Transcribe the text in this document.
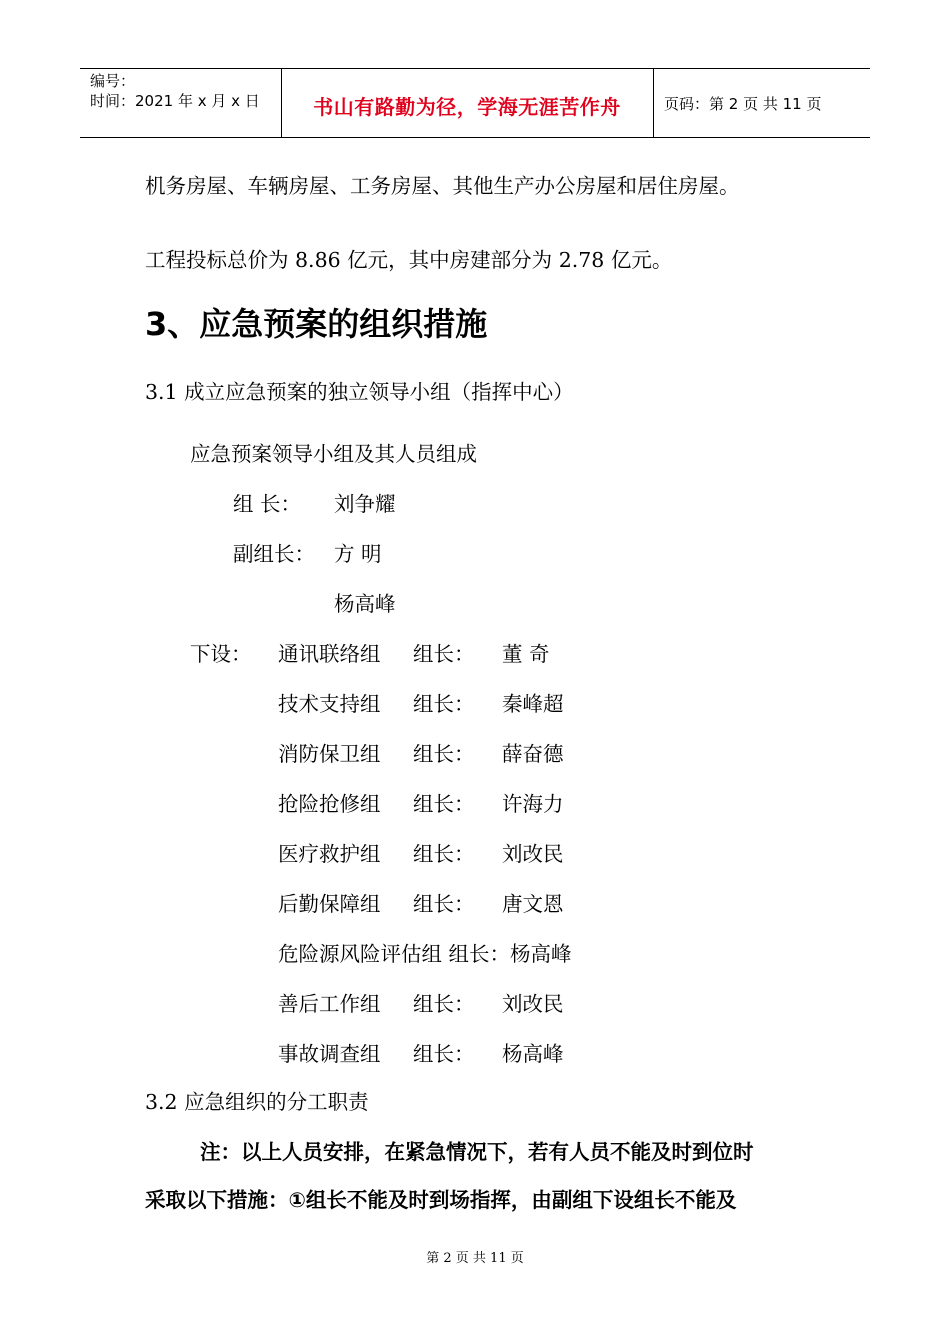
编号：
时间：2021 年 x 月 x 日	书山有路勤为径，学海无涯苦作舟	页码：第 2 页 共 11 页
机务房屋、车辆房屋、工务房屋、其他生产办公房屋和居住房屋。
工程投标总价为 8.86 亿元，其中房建部分为 2.78 亿元。
3、应急预案的组织措施
3.1 成立应急预案的独立领导小组（指挥中心）
应急预案领导小组及其人员组成
组 长： 刘争耀
副组长： 方 明
杨高峰
下设： 通讯联络组 组长： 董 奇
技术支持组 组长： 秦峰超
消防保卫组 组长： 薛奋德
抢险抢修组 组长： 许海力
医疗救护组 组长： 刘改民
后勤保障组 组长： 唐文恩
危险源风险评估组 组长：杨高峰
善后工作组 组长： 刘改民
事故调查组 组长： 杨高峰
3.2 应急组织的分工职责
注：以上人员安排，在紧急情况下，若有人员不能及时到位时
采取以下措施：①组长不能及时到场指挥，由副组下设组长不能及
第 2 页 共 11 页
